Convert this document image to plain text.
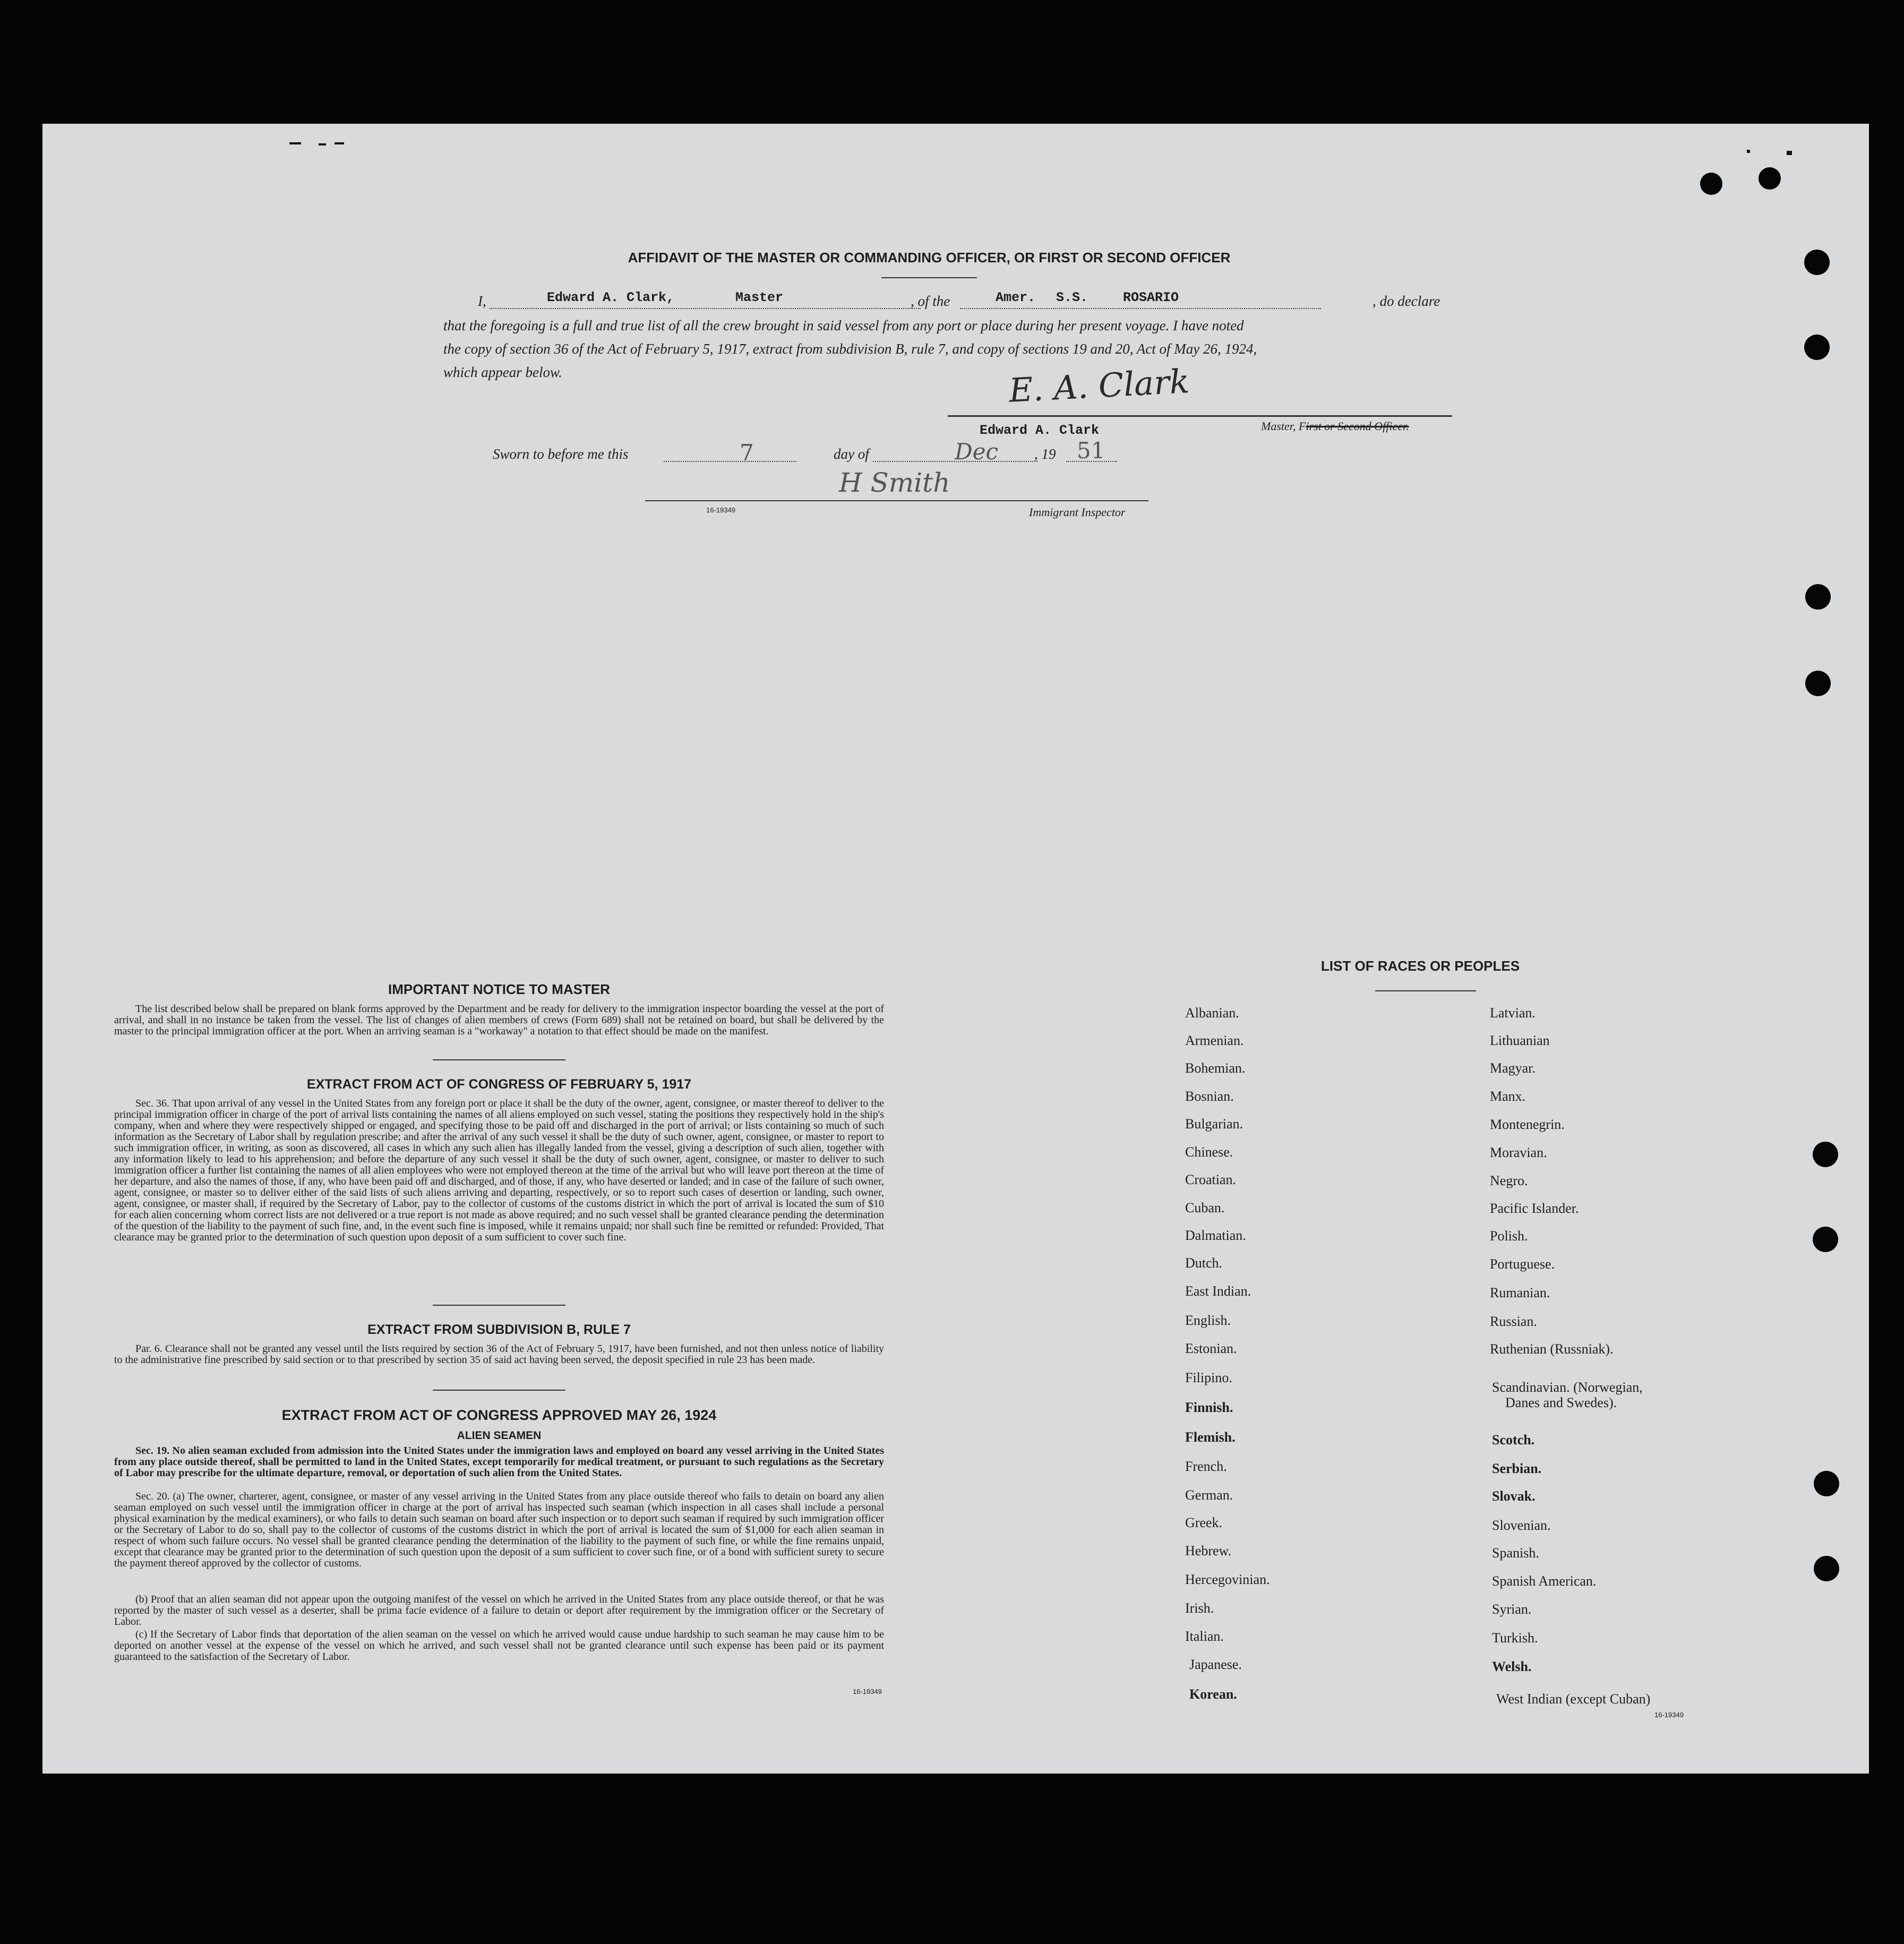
AFFIDAVIT OF THE MASTER OR COMMANDING OFFICER, OR FIRST OR SECOND OFFICER
I,	Edward A. Clark,	Master	, of the	Amer. S.S.	ROSARIO	, do declare
that the foregoing is a full and true list of all the crew brought in said vessel from any port or place during her present voyage. I have noted
the copy of section 36 of the Act of February 5, 1917, extract from subdivision B, rule 7, and copy of sections 19 and 20, Act of May 26, 1924,
which appear below.	E. A. Clark
Edward A. Clark	Master, First or Second Officer.
Sworn to before me this	7	day of	Dec	, 19 51
H Smith
16-19349	Immigrant Inspector
IMPORTANT NOTICE TO MASTER
The list described below shall be prepared on blank forms approved by the Department and be ready for delivery to the immigration inspector boarding the vessel at the port of arrival, and shall in no instance be taken from the vessel. The list of changes of alien members of crews (Form 689) shall not be retained on board, but shall be delivered by the master to the principal immigration officer at the port. When an arriving seaman is a "workaway" a notation to that effect should be made on the manifest.
EXTRACT FROM ACT OF CONGRESS OF FEBRUARY 5, 1917
Sec. 36. That upon arrival of any vessel in the United States from any foreign port or place it shall be the duty of the owner, agent, consignee, or master thereof to deliver to the principal immigration officer in charge of the port of arrival lists containing the names of all aliens employed on such vessel, stating the positions they respectively hold in the ship's company, when and where they were respectively shipped or engaged, and specifying those to be paid off and discharged in the port of arrival; or lists containing so much of such information as the Secretary of Labor shall by regulation prescribe; and after the arrival of any such vessel it shall be the duty of such owner, agent, consignee, or master to report to such immigration officer, in writing, as soon as discovered, all cases in which any such alien has illegally landed from the vessel, giving a description of such alien, together with any information likely to lead to his apprehension; and before the departure of any such vessel it shall be the duty of such owner, agent, consignee, or master to deliver to such immigration officer a further list containing the names of all alien employees who were not employed thereon at the time of the arrival but who will leave port thereon at the time of her departure, and also the names of those, if any, who have been paid off and discharged, and of those, if any, who have deserted or landed; and in case of the failure of such owner, agent, consignee, or master so to deliver either of the said lists of such aliens arriving and departing, respectively, or so to report such cases of desertion or landing, such owner, agent, consignee, or master shall, if required by the Secretary of Labor, pay to the collector of customs of the customs district in which the port of arrival is located the sum of $10 for each alien concerning whom correct lists are not delivered or a true report is not made as above required; and no such vessel shall be granted clearance pending the determination of the question of the liability to the payment of such fine, and, in the event such fine is imposed, while it remains unpaid; nor shall such fine be remitted or refunded: Provided, That clearance may be granted prior to the determination of such question upon deposit of a sum sufficient to cover such fine.
EXTRACT FROM SUBDIVISION B, RULE 7
Par. 6. Clearance shall not be granted any vessel until the lists required by section 36 of the Act of February 5, 1917, have been furnished, and not then unless notice of liability to the administrative fine prescribed by said section or to that prescribed by section 35 of said act having been served, the deposit specified in rule 23 has been made.
EXTRACT FROM ACT OF CONGRESS APPROVED MAY 26, 1924
ALIEN SEAMEN
Sec. 19. No alien seaman excluded from admission into the United States under the immigration laws and employed on board any vessel arriving in the United States from any place outside thereof, shall be permitted to land in the United States, except temporarily for medical treatment, or pursuant to such regulations as the Secretary of Labor may prescribe for the ultimate departure, removal, or deportation of such alien from the United States.
Sec. 20. (a) The owner, charterer, agent, consignee, or master of any vessel arriving in the United States from any place outside thereof who fails to detain on board any alien seaman employed on such vessel until the immigration officer in charge at the port of arrival has inspected such seaman (which inspection in all cases shall include a personal physical examination by the medical examiners), or who fails to detain such seaman on board after such inspection or to deport such seaman if required by such immigration officer or the Secretary of Labor to do so, shall pay to the collector of customs of the customs district in which the port of arrival is located the sum of $1,000 for each alien seaman in respect of whom such failure occurs. No vessel shall be granted clearance pending the determination of the liability to the payment of such fine, or while the fine remains unpaid, except that clearance may be granted prior to the determination of such question upon the deposit of a sum sufficient to cover such fine, or of a bond with sufficient surety to secure the payment thereof approved by the collector of customs.
(b) Proof that an alien seaman did not appear upon the outgoing manifest of the vessel on which he arrived in the United States from any place outside thereof, or that he was reported by the master of such vessel as a deserter, shall be prima facie evidence of a failure to detain or deport after requirement by the immigration officer or the Secretary of Labor.
(c) If the Secretary of Labor finds that deportation of the alien seaman on the vessel on which he arrived would cause undue hardship to such seaman he may cause him to be deported on another vessel at the expense of the vessel on which he arrived, and such vessel shall not be granted clearance until such expense has been paid or its payment guaranteed to the satisfaction of the Secretary of Labor.
16-19349
LIST OF RACES OR PEOPLES
Albanian.
Armenian.
Bohemian.
Bosnian.
Bulgarian.
Chinese.
Croatian.
Cuban.
Dalmatian.
Dutch.
East Indian.
English.
Estonian.
Filipino.
Finnish.
Flemish.
French.
German.
Greek.
Hebrew.
Hercegovinian.
Irish.
Italian.
Japanese.
Korean.
Latvian.
Lithuanian
Magyar.
Manx.
Montenegrin.
Moravian.
Negro.
Pacific Islander.
Polish.
Portuguese.
Rumanian.
Russian.
Ruthenian (Russniak).
Scandinavian. (Norwegian,
Danes and Swedes).
Scotch.
Serbian.
Slovak.
Slovenian.
Spanish.
Spanish American.
Syrian.
Turkish.
Welsh.
West Indian (except Cuban)
16-19349
